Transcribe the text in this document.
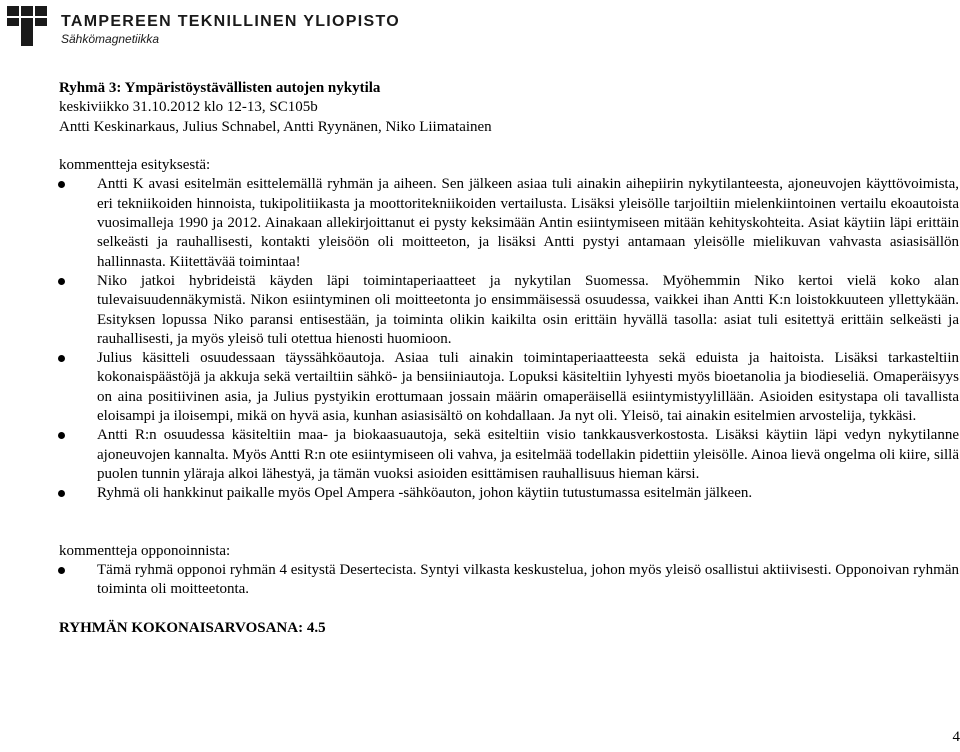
TAMPEREEN TEKNILLINEN YLIOPISTO
Sähkömagnetiikka

Ryhmä 3: Ympäristöystävällisten autojen nykytila

keskiviikko 31.10.2012 klo 12-13, SC105b

Antti Keskinarkaus, Julius Schnabel, Antti Ryynänen, Niko Liimatainen

kommentteja esityksestä:

Antti K avasi esitelmän esittelemällä ryhmän ja aiheen. Sen jälkeen asiaa tuli ainakin aihepiirin nykytilanteesta, ajoneuvojen käyttövoimista, eri tekniikoiden hinnoista, tukipolitiikasta ja moottoritekniikoiden vertailusta. Lisäksi yleisölle tarjoiltiin mielenkiintoinen vertailu ekoautoista vuosimalleja 1990 ja 2012. Ainakaan allekirjoittanut ei pysty keksimään Antin esiintymiseen mitään kehityskohteita. Asiat käytiin läpi erittäin selkeästi ja rauhallisesti, kontakti yleisöön oli moitteeton, ja lisäksi Antti pystyi antamaan yleisölle mielikuvan vahvasta asiasisällön hallinnasta. Kiitettävää toimintaa!
Niko jatkoi hybrideistä käyden läpi toimintaperiaatteet ja nykytilan Suomessa. Myöhemmin Niko kertoi vielä koko alan tulevaisuudennäkymistä. Nikon esiintyminen oli moitteetonta jo ensimmäisessä osuudessa, vaikkei ihan Antti K:n loistokkuuteen yllettykään. Esityksen lopussa Niko paransi entisestään, ja toiminta olikin kaikilta osin erittäin hyvällä tasolla: asiat tuli esitettyä erittäin selkeästi ja rauhallisesti, ja myös yleisö tuli otettua hienosti huomioon.
Julius käsitteli osuudessaan täyssähköautoja. Asiaa tuli ainakin toimintaperiaatteesta sekä eduista ja haitoista. Lisäksi tarkasteltiin kokonaispäästöjä ja akkuja sekä vertailtiin sähkö- ja bensiiniautoja. Lopuksi käsiteltiin lyhyesti myös bioetanolia ja biodieseliä. Omaperäisyys on aina positiivinen asia, ja Julius pystyikin erottumaan jossain määrin omaperäisellä esiintymistyylillään. Asioiden esitystapa oli tavallista eloisampi ja iloisempi, mikä on hyvä asia, kunhan asiasisältö on kohdallaan. Ja nyt oli. Yleisö, tai ainakin esitelmien arvostelija, tykkäsi.
Antti R:n osuudessa käsiteltiin maa- ja biokaasuautoja, sekä esiteltiin visio tankkausverkostosta. Lisäksi käytiin läpi vedyn nykytilanne ajoneuvojen kannalta. Myös Antti R:n ote esiintymiseen oli vahva, ja esitelmää todellakin pidettiin yleisölle. Ainoa lievä ongelma oli kiire, sillä puolen tunnin yläraja alkoi lähestyä, ja tämän vuoksi asioiden esittämisen rauhallisuus hieman kärsi.
Ryhmä oli hankkinut paikalle myös Opel Ampera -sähköauton, johon käytiin tutustumassa esitelmän jälkeen.

kommentteja opponoinnista:

Tämä ryhmä opponoi ryhmän 4 esitystä Desertecista. Syntyi vilkasta keskustelua, johon myös yleisö osallistui aktiivisesti. Opponoivan ryhmän toiminta oli moitteetonta.

RYHMÄN KOKONAISARVOSANA: 4.5

4
